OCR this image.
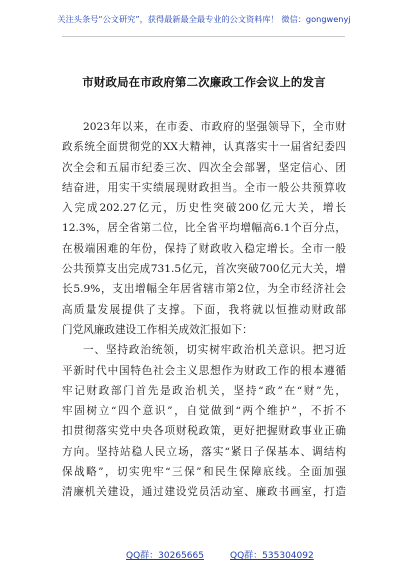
关注头条号“公文研究”，获得最新最全最专业的公文资料库！ 微信：gongwenyj
市财政局在市政府第二次廉政工作会议上的发言
2023年以来，在市委、市政府的坚强领导下，全市财
政系统全面贯彻党的XX大精神，认真落实十一届省纪委四
次全会和五届市纪委三次、四次全会部署，坚定信心、团
结奋进，用实干实绩展现财政担当。全市一般公共预算收
入完成202.27亿元，历史性突破200亿元大关，增长
12.3%，居全省第二位，比全省平均增幅高6.1个百分点，
在极端困难的年份，保持了财政收入稳定增长。全市一般
公共预算支出完成731.5亿元，首次突破700亿元大关，增
长5.9%，支出增幅全年居省辖市第2位，为全市经济社会
高质量发展提供了支撑。下面，我将就以恒推动财政部
门党风廉政建设工作相关成效汇报如下：
一、坚持政治统领，切实树牢政治机关意识。把习近
平新时代中国特色社会主义思想作为财政工作的根本遵循
牢记财政部门首先是政治机关，坚持“政”在“财”先，
牢固树立“四个意识”，自觉做到“两个维护”，不折不
扣贯彻落实党中央各项财税政策，更好把握财政事业正确
方向。坚持站稳人民立场，落实“紧日子保基本、调结构
保战略”，切实兜牢“三保”和民生保障底线。全面加强
清廉机关建设，通过建设党员活动室、廉政书画室，打造
QQ群：30265665	QQ群：535304092
